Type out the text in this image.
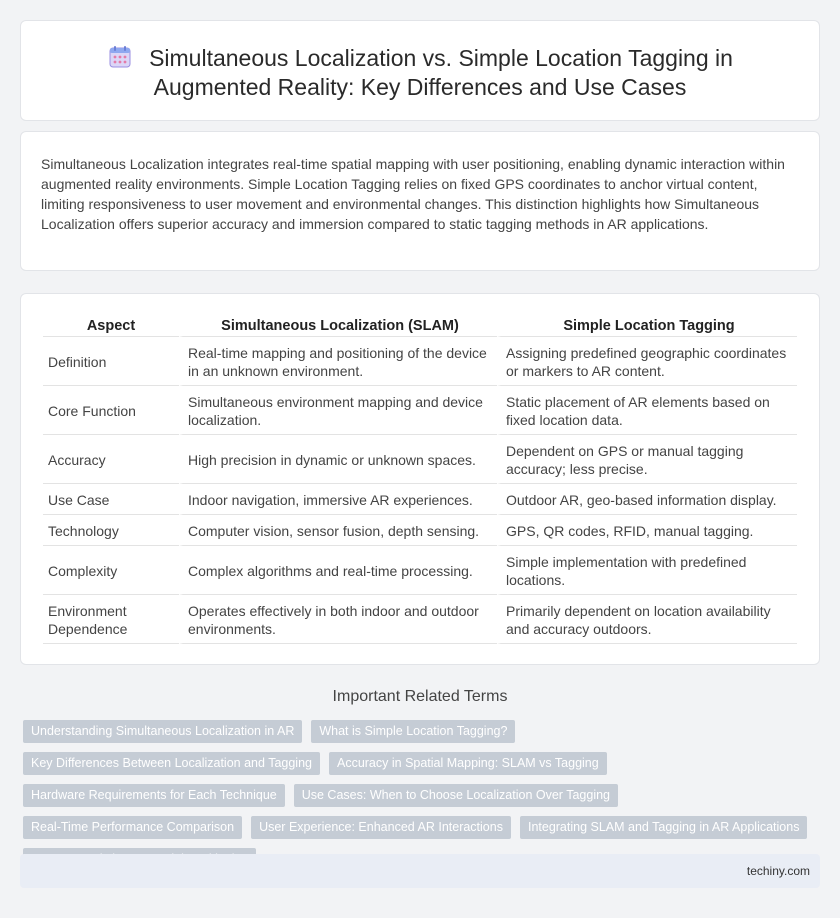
Simultaneous Localization vs. Simple Location Tagging in
Augmented Reality: Key Differences and Use Cases

Simultaneous Localization integrates real-time spatial mapping with user positioning, enabling dynamic interaction within augmented reality environments. Simple Location Tagging relies on fixed GPS coordinates to anchor virtual content, limiting responsiveness to user movement and environmental changes. This distinction highlights how Simultaneous Localization offers superior accuracy and immersion compared to static tagging methods in AR applications.

Aspect	Simultaneous Localization (SLAM)	Simple Location Tagging
Definition	Real-time mapping and positioning of the device in an unknown environment.	Assigning predefined geographic coordinates or markers to AR content.
Core Function	Simultaneous environment mapping and device localization.	Static placement of AR elements based on fixed location data.
Accuracy	High precision in dynamic or unknown spaces.	Dependent on GPS or manual tagging accuracy; less precise.
Use Case	Indoor navigation, immersive AR experiences.	Outdoor AR, geo-based information display.
Technology	Computer vision, sensor fusion, depth sensing.	GPS, QR codes, RFID, manual tagging.
Complexity	Complex algorithms and real-time processing.	Simple implementation with predefined locations.
Environment Dependence	Operates effectively in both indoor and outdoor environments.	Primarily dependent on location availability and accuracy outdoors.
Important Related Terms
Understanding Simultaneous Localization in AR	What is Simple Location Tagging?
Key Differences Between Localization and Tagging	Accuracy in Spatial Mapping: SLAM vs Tagging
Hardware Requirements for Each Technique	Use Cases: When to Choose Localization Over Tagging
Real-Time Performance Comparison	User Experience: Enhanced AR Interactions	Integrating SLAM and Tagging in AR Applications
techiny.com
